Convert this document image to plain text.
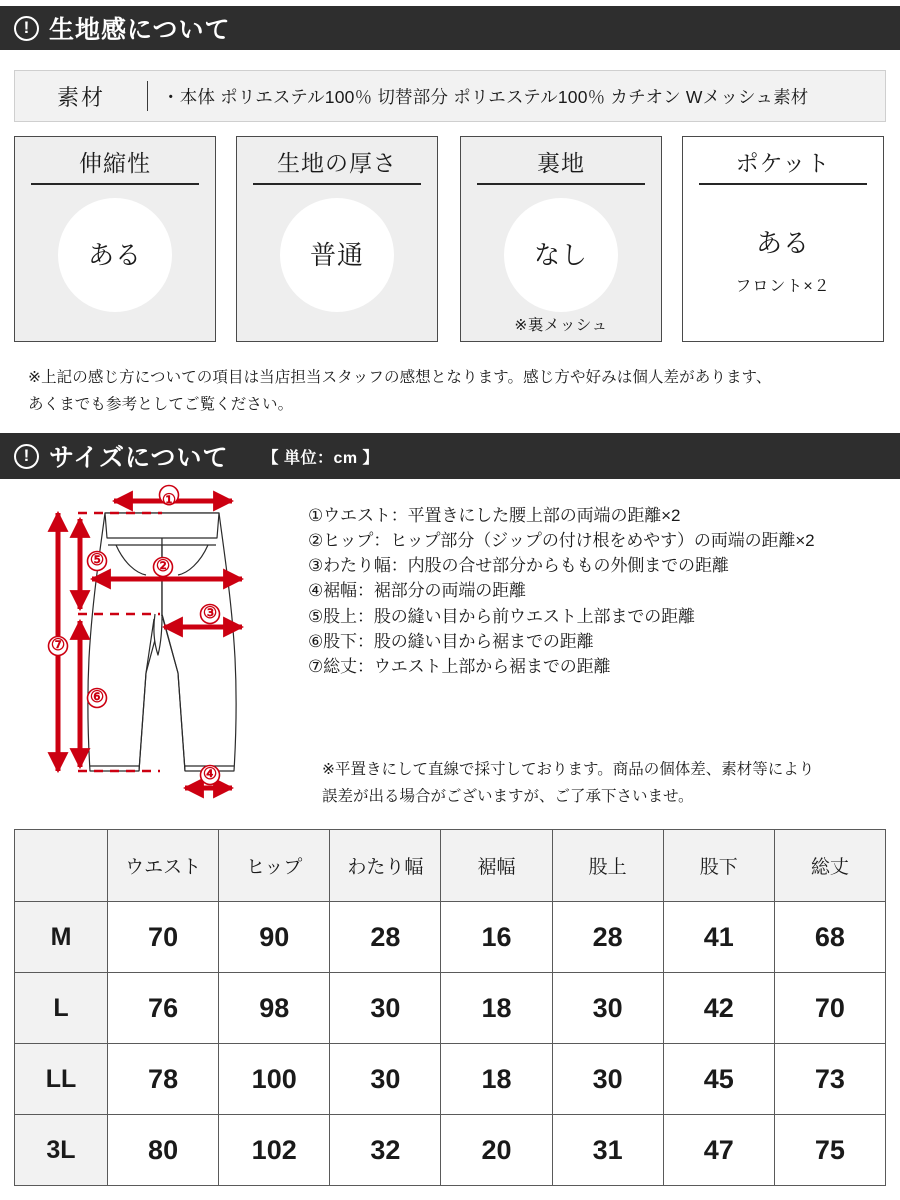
! 生地感について
素材	・本体 ポリエステル100％ 切替部分 ポリエステル100％ カチオン Wメッシュ素材
伸縮性
ある
生地の厚さ
普通
裏地
なし
※裏メッシュ
ポケット
ある
フロント×２
※上記の感じ方についての項目は当店担当スタッフの感想となります。感じ方や好みは個人差があります、
あくまでも参考としてご覧ください。
! サイズについて 【 単位：cm 】
①
②
③
④
⑤
⑥
⑦
①ウエスト：平置きにした腰上部の両端の距離×2
②ヒップ：ヒップ部分（ジップの付け根をめやす）の両端の距離×2
③わたり幅：内股の合せ部分からももの外側までの距離
④裾幅：裾部分の両端の距離
⑤股上：股の縫い目から前ウエスト上部までの距離
⑥股下：股の縫い目から裾までの距離
⑦総丈：ウエスト上部から裾までの距離
※平置きにして直線で採寸しております。商品の個体差、素材等により
誤差が出る場合がございますが、ご了承下さいませ。
	ウエスト	ヒップ	わたり幅	裾幅	股上	股下	総丈
M	70	90	28	16	28	41	68
L	76	98	30	18	30	42	70
LL	78	100	30	18	30	45	73
3L	80	102	32	20	31	47	75
